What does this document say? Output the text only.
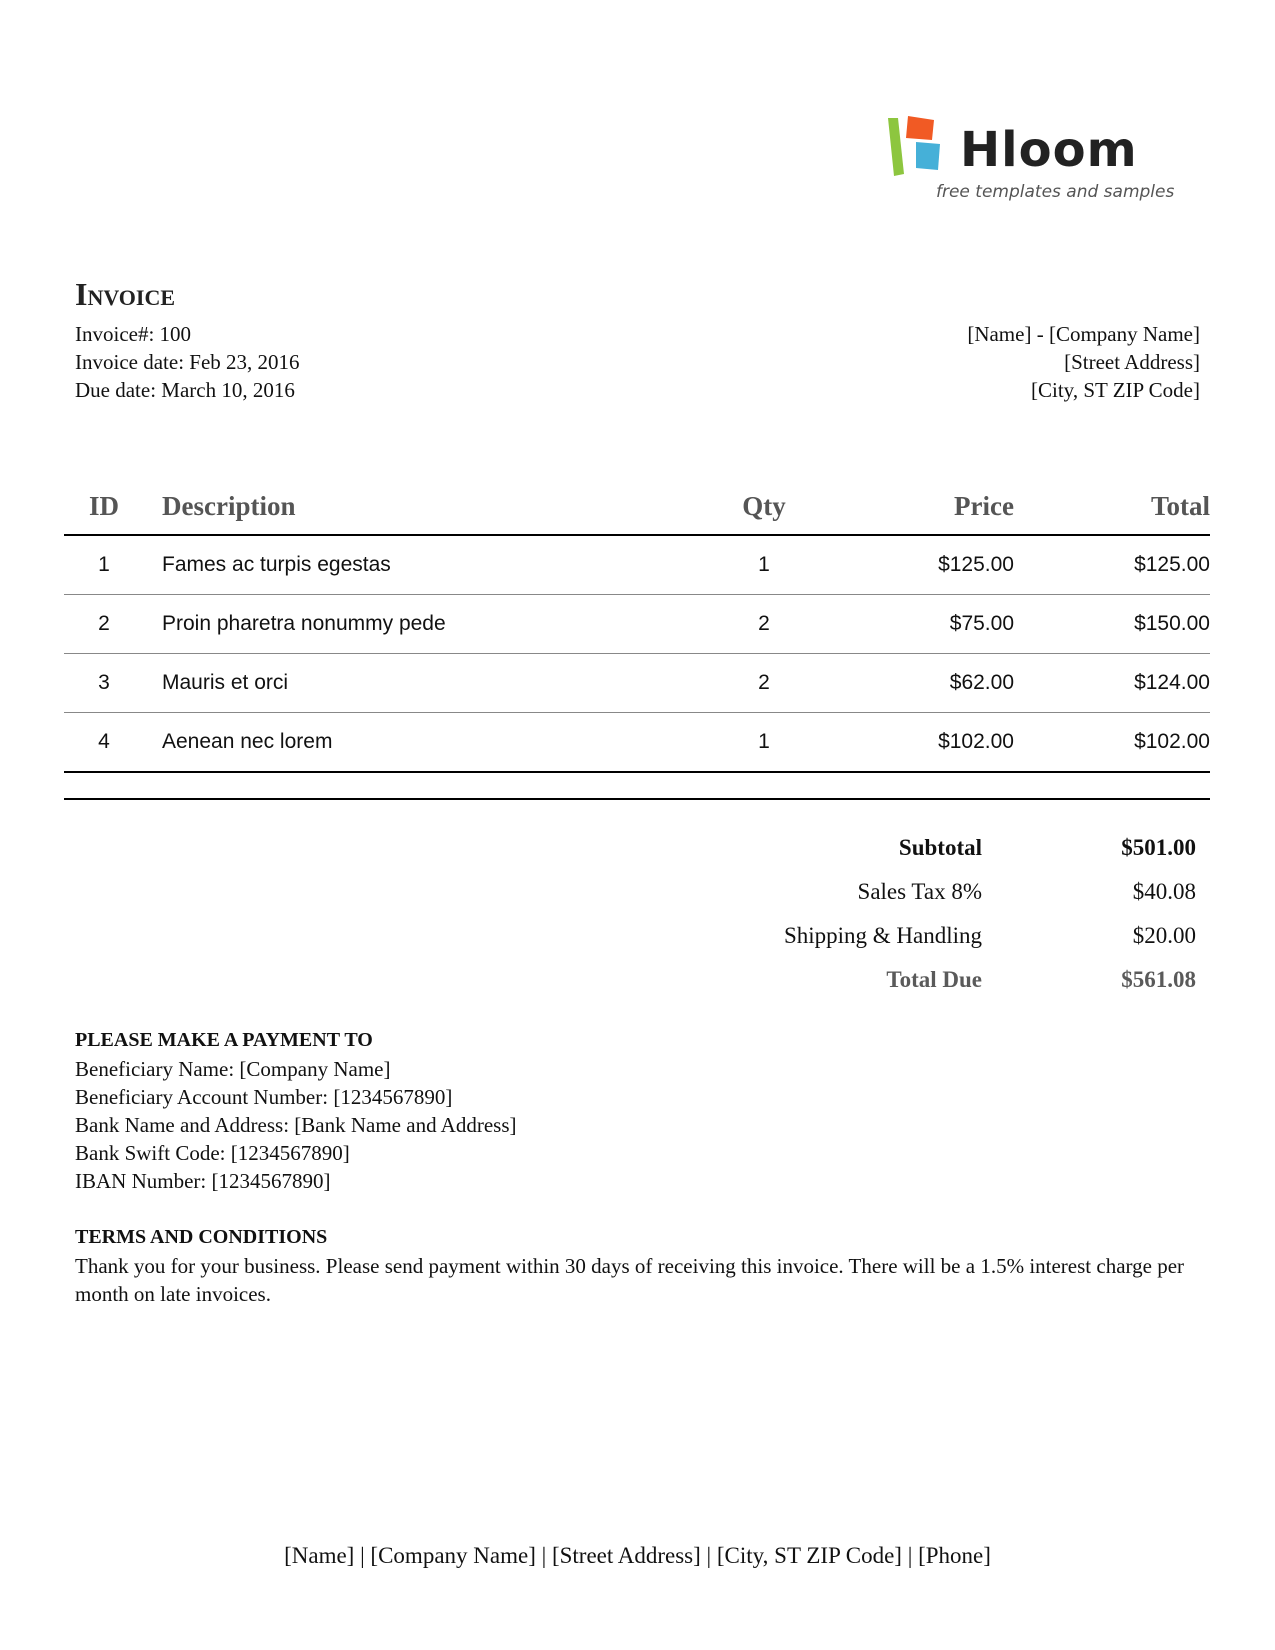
Hloom
free templates and samples
Invoice
Invoice#: 100
Invoice date: Feb 23, 2016
Due date: March 10, 2016
[Name] - [Company Name]
[Street Address]
[City, ST ZIP Code]
ID	Description	Qty	Price	Total
1	Fames ac turpis egestas	1	$125.00	$125.00
2	Proin pharetra nonummy pede	2	$75.00	$150.00
3	Mauris et orci	2	$62.00	$124.00
4	Aenean nec lorem	1	$102.00	$102.00
Subtotal	$501.00
Sales Tax 8%	$40.08
Shipping & Handling	$20.00
Total Due	$561.08
PLEASE MAKE A PAYMENT TO
Beneficiary Name: [Company Name]
Beneficiary Account Number: [1234567890]
Bank Name and Address: [Bank Name and Address]
Bank Swift Code: [1234567890]
IBAN Number: [1234567890]
TERMS AND CONDITIONS
Thank you for your business. Please send payment within 30 days of receiving this invoice. There will be a 1.5% interest charge per month on late invoices.
[Name] | [Company Name] | [Street Address] | [City, ST ZIP Code] | [Phone]
